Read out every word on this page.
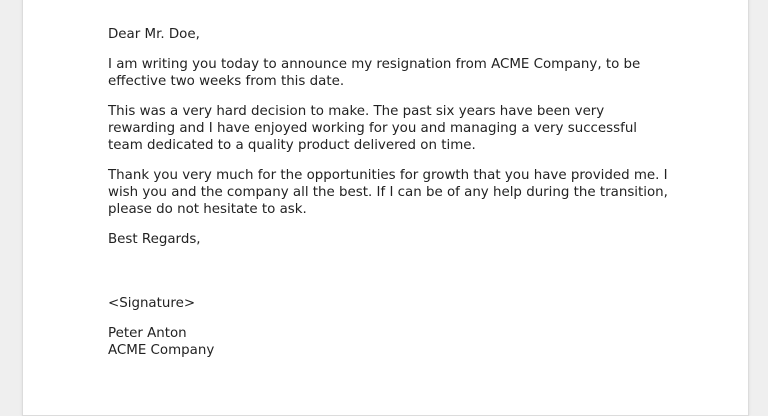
Dear Mr. Doe,

I am writing you today to announce my resignation from ACME Company, to be
effective two weeks from this date.

This was a very hard decision to make. The past six years have been very
rewarding and I have enjoyed working for you and managing a very successful
team dedicated to a quality product delivered on time.

Thank you very much for the opportunities for growth that you have provided me. I
wish you and the company all the best. If I can be of any help during the transition,
please do not hesitate to ask.

Best Regards,

<Signature>

Peter Anton
ACME Company
